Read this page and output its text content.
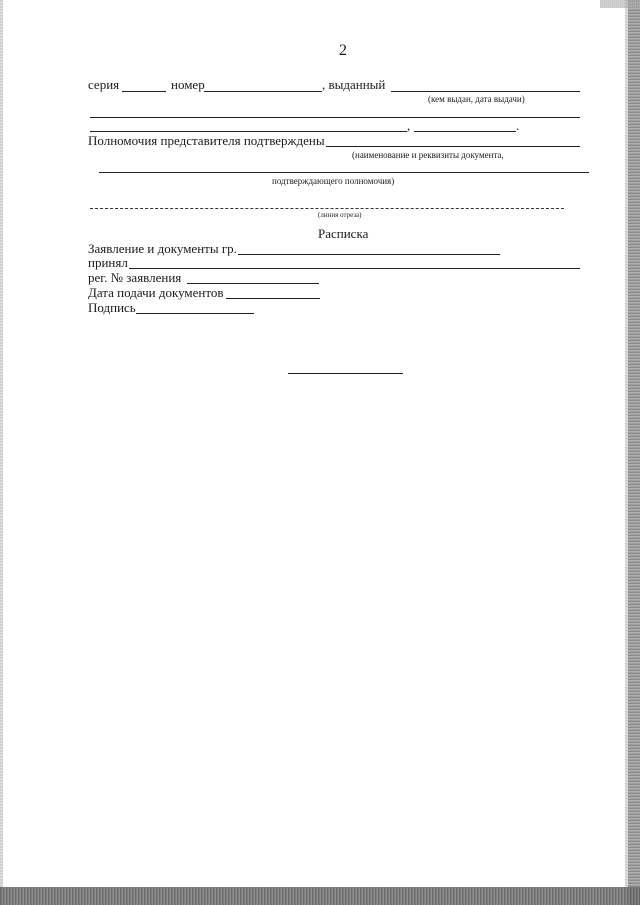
2
серия	номер	, выданный
(кем выдан, дата выдачи)
,	.
Полномочия представителя подтверждены
(наименование и реквизиты документа,
подтверждающего полномочия)
(линия отреза)
Расписка
Заявление и документы гр.
принял
рег. № заявления
Дата подачи документов
Подпись
